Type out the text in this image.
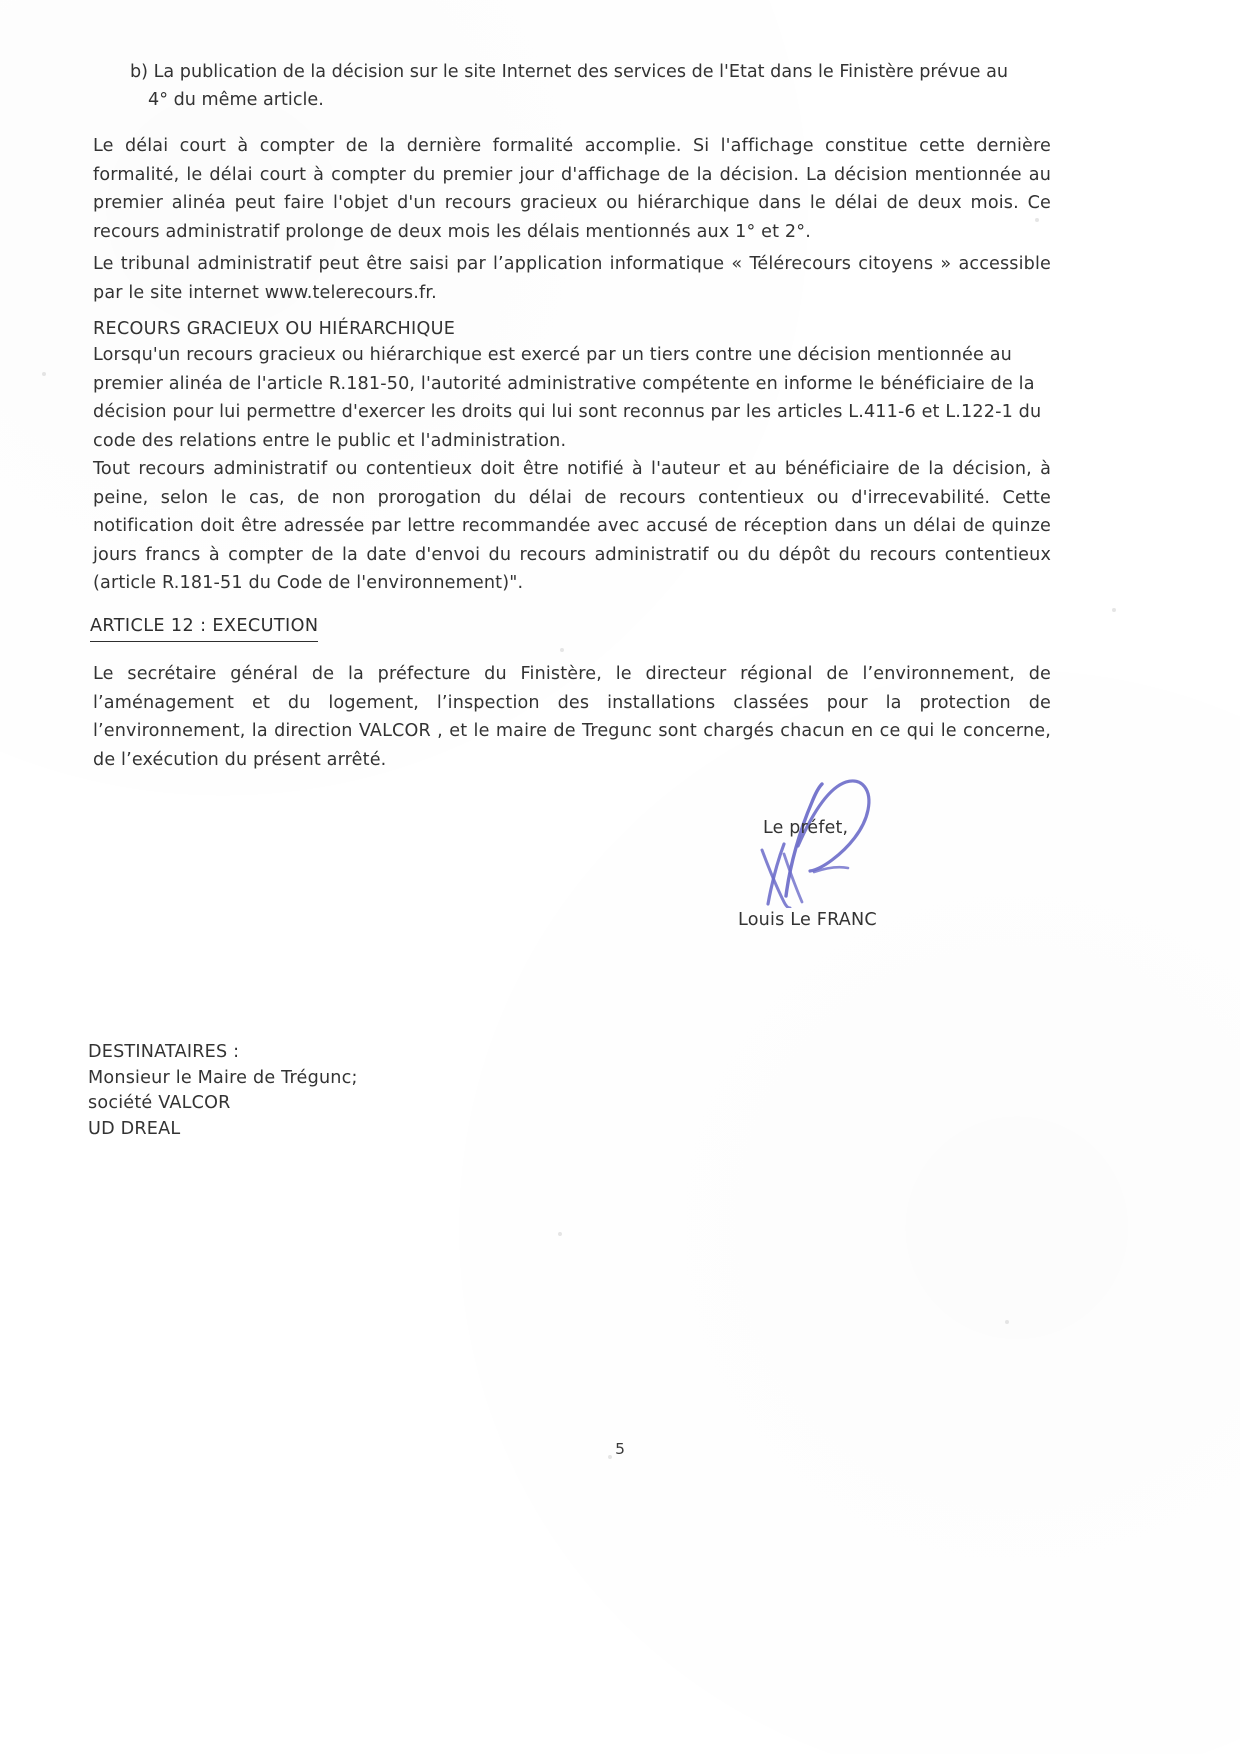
b) La publication de la décision sur le site Internet des services de l'Etat dans le Finistère prévue au
4° du même article.

Le délai court à compter de la dernière formalité accomplie. Si l'affichage constitue cette dernière formalité, le délai court à compter du premier jour d'affichage de la décision. La décision mentionnée au premier alinéa peut faire l'objet d'un recours gracieux ou hiérarchique dans le délai de deux mois. Ce recours administratif prolonge de deux mois les délais mentionnés aux 1° et 2°.

Le tribunal administratif peut être saisi par l’application informatique « Télérecours citoyens » accessible par le site internet www.telerecours.fr.

RECOURS GRACIEUX OU HIÉRARCHIQUE

Lorsqu'un recours gracieux ou hiérarchique est exercé par un tiers contre une décision mentionnée au premier alinéa de l'article R.181-50, l'autorité administrative compétente en informe le bénéficiaire de la décision pour lui permettre d'exercer les droits qui lui sont reconnus par les articles L.411-6 et L.122-1 du code des relations entre le public et l'administration.

Tout recours administratif ou contentieux doit être notifié à l'auteur et au bénéficiaire de la décision, à peine, selon le cas, de non prorogation du délai de recours contentieux ou d'irrecevabilité. Cette notification doit être adressée par lettre recommandée avec accusé de réception dans un délai de quinze jours francs à compter de la date d'envoi du recours administratif ou du dépôt du recours contentieux (article R.181-51 du Code de l'environnement)".

ARTICLE 12 : EXECUTION

Le secrétaire général de la préfecture du Finistère, le directeur régional de l’environnement, de l’aménagement et du logement, l’inspection des installations classées pour la protection de l’environnement, la direction VALCOR , et le maire de Tregunc sont chargés chacun en ce qui le concerne, de l’exécution du présent arrêté.

Le préfet,
Louis Le FRANC
DESTINATAIRES :
Monsieur le Maire de Trégunc;
société VALCOR
UD DREAL
5
